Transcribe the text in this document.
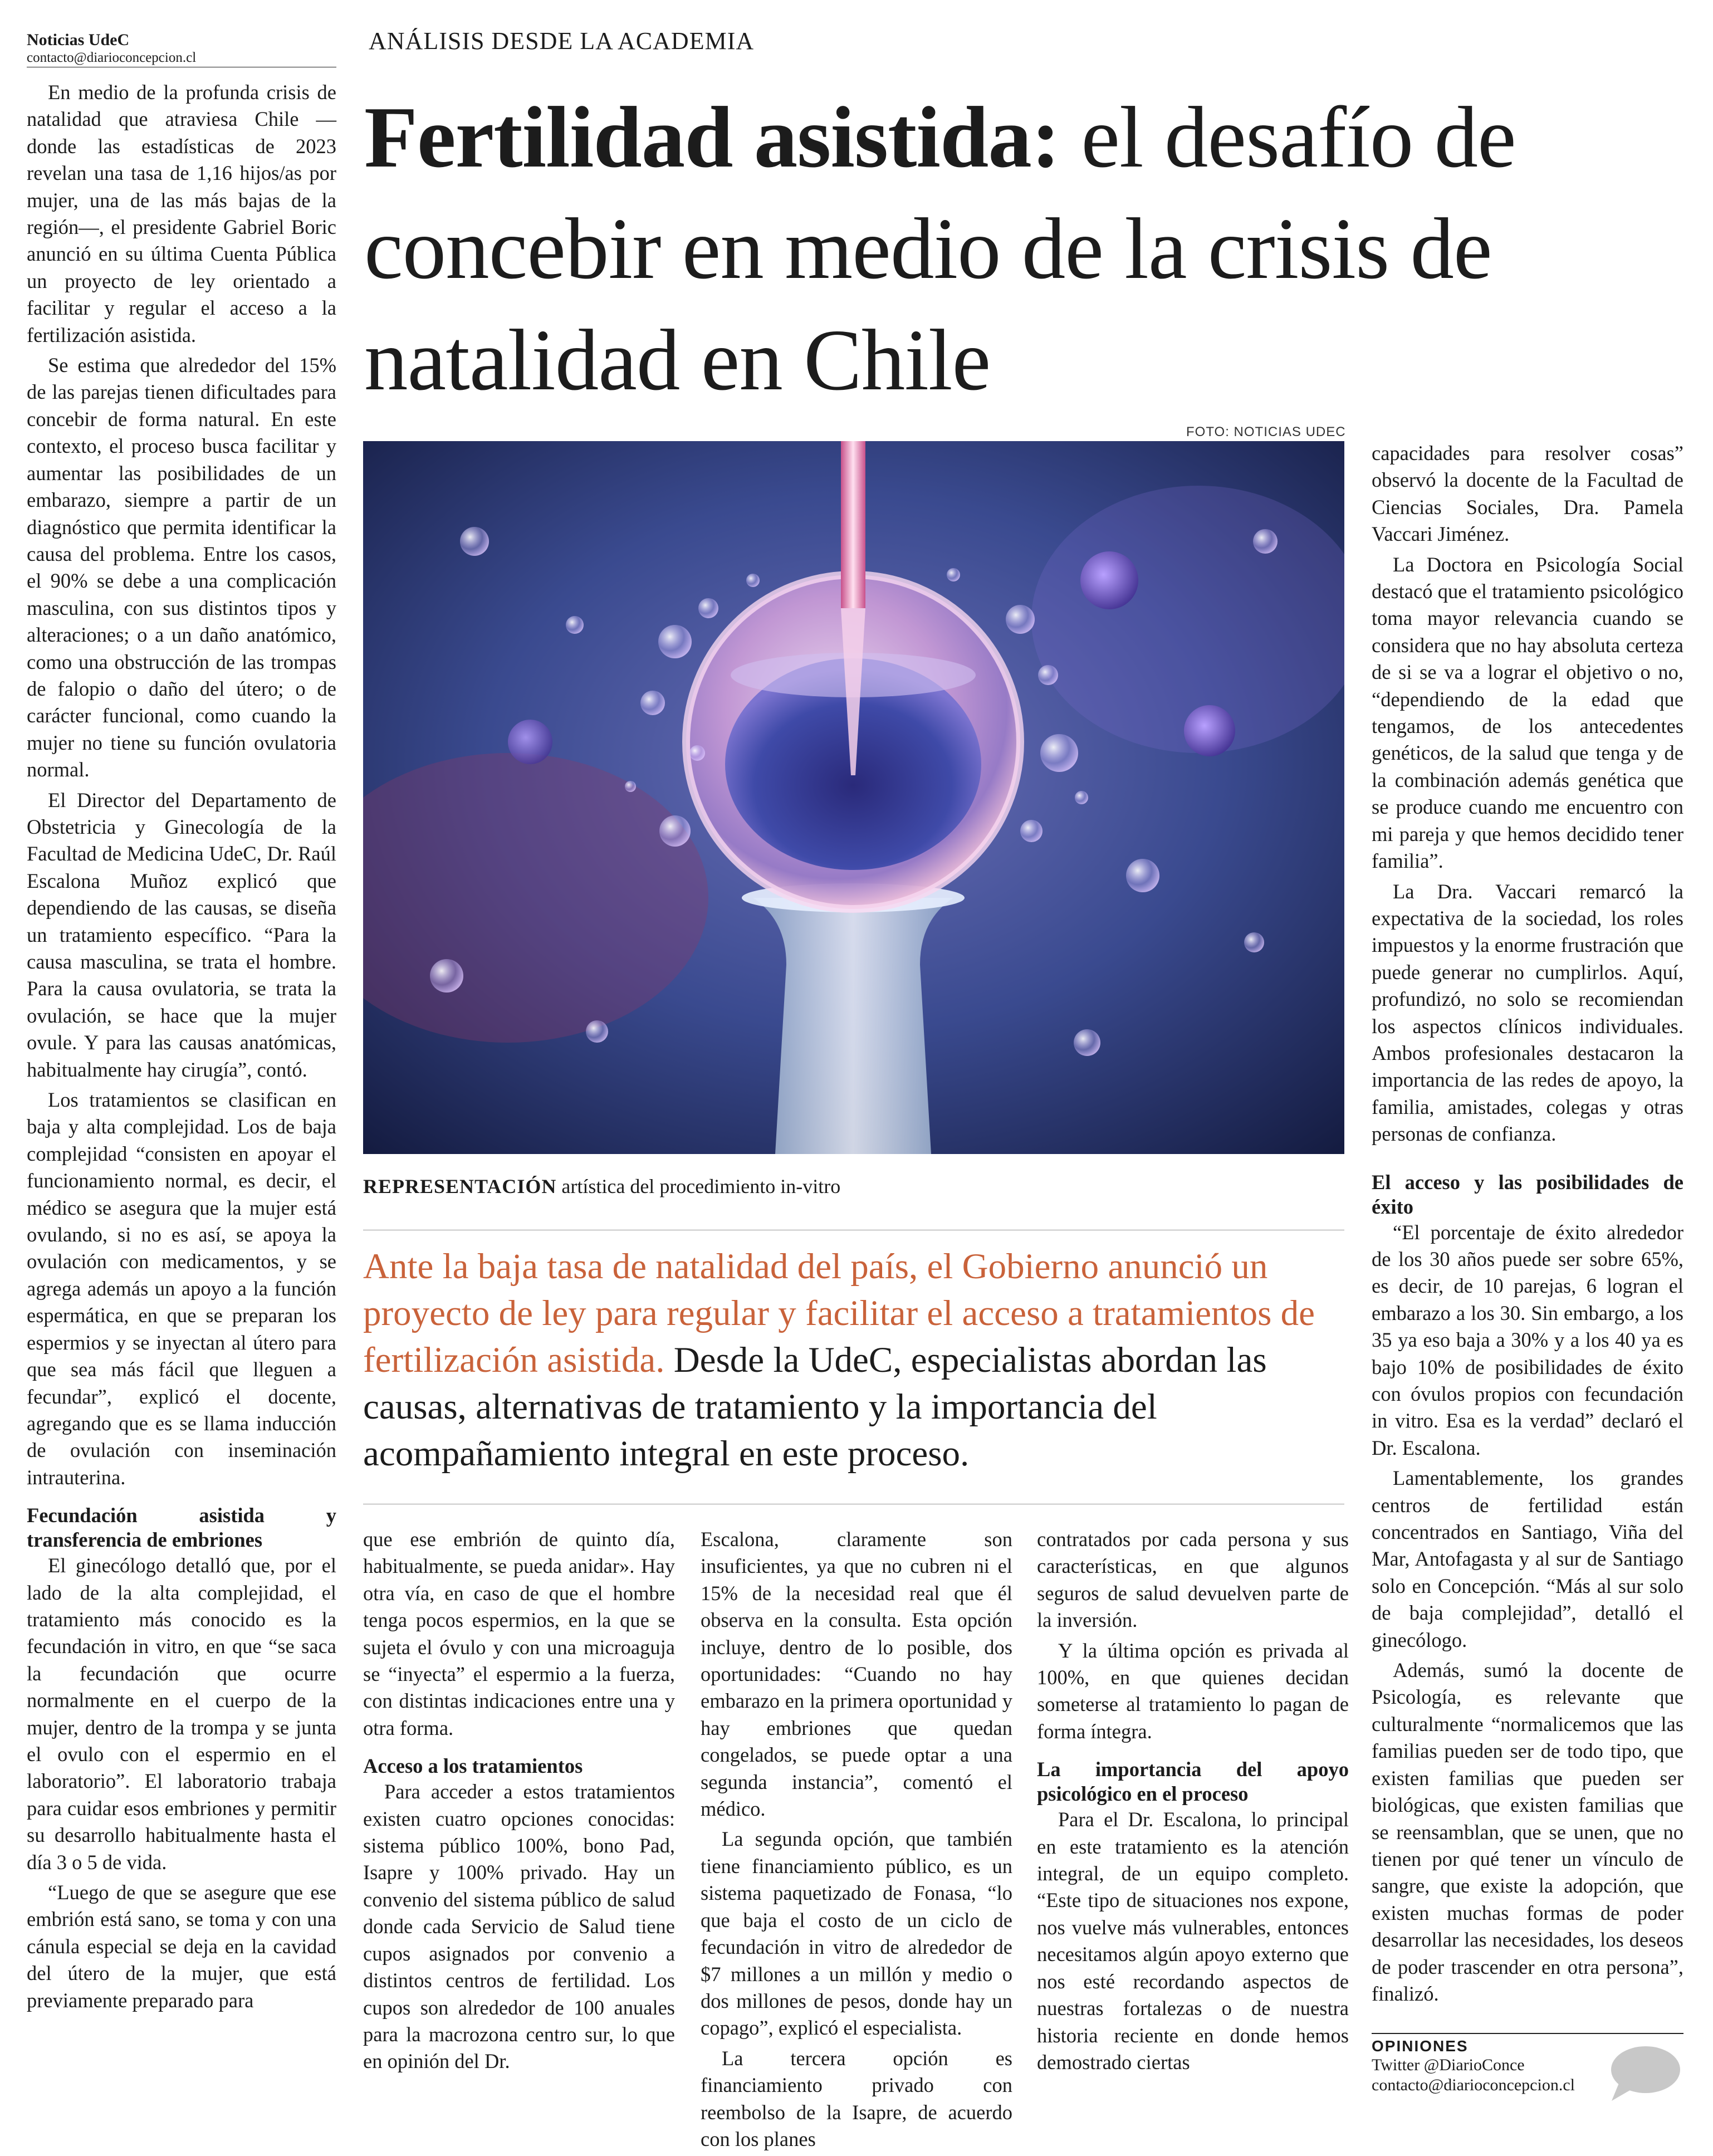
Noticias UdeC
contacto@diarioconcepcion.cl
ANÁLISIS DESDE LA ACADEMIA
Fertilidad asistida: el desafío de concebir en medio de la crisis de natalidad en Chile
FOTO: NOTICIAS UDEC
REPRESENTACIÓN artística del procedimiento in-vitro

Ante la baja tasa de natalidad del país, el Gobierno anunció un proyecto de ley para regular y facilitar el acceso a tratamientos de fertilización asistida. Desde la UdeC, especialistas abordan las causas, alternativas de tratamiento y la importancia del acompañamiento integral en este proceso.

En medio de la profunda crisis de natalidad que atraviesa Chile —donde las estadísticas de 2023 revelan una tasa de 1,16 hijos/as por mujer, una de las más bajas de la región—, el presidente Gabriel Boric anunció en su última Cuenta Pública un proyecto de ley orientado a facilitar y regular el acceso a la fertilización asistida.

Se estima que alrededor del 15% de las parejas tienen dificultades para concebir de forma natural. En este contexto, el proceso busca facilitar y aumentar las posibilidades de un embarazo, siempre a partir de un diagnóstico que permita identificar la causa del problema. Entre los casos, el 90% se debe a una complicación masculina, con sus distintos tipos y alteraciones; o a un daño anatómico, como una obstrucción de las trompas de falopio o daño del útero; o de carácter funcional, como cuando la mujer no tiene su función ovulatoria normal.

El Director del Departamento de Obstetricia y Ginecología de la Facultad de Medicina UdeC, Dr. Raúl Escalona Muñoz explicó que dependiendo de las causas, se diseña un tratamiento específico. “Para la causa masculina, se trata el hombre. Para la causa ovulatoria, se trata la ovulación, se hace que la mujer ovule. Y para las causas anatómicas, habitualmente hay cirugía”, contó.

Los tratamientos se clasifican en baja y alta complejidad. Los de baja complejidad “consisten en apoyar el funcionamiento normal, es decir, el médico se asegura que la mujer está ovulando, si no es así, se apoya la ovulación con medicamentos, y se agrega además un apoyo a la función espermática, en que se preparan los espermios y se inyectan al útero para que sea más fácil que lleguen a fecundar”, explicó el docente, agregando que es se llama inducción de ovulación con inseminación intrauterina.

Fecundación asistida y transferencia de embriones

El ginecólogo detalló que, por el lado de la alta complejidad, el tratamiento más conocido es la fecundación in vitro, en que “se saca la fecundación que ocurre normalmente en el cuerpo de la mujer, dentro de la trompa y se junta el ovulo con el espermio en el laboratorio”. El laboratorio trabaja para cuidar esos embriones y permitir su desarrollo habitualmente hasta el día 3 o 5 de vida.

“Luego de que se asegure que ese embrión está sano, se toma y con una cánula especial se deja en la cavidad del útero de la mujer, que está previamente preparado para

que ese embrión de quinto día, habitualmente, se pueda anidar». Hay otra vía, en caso de que el hombre tenga pocos espermios, en la que se sujeta el óvulo y con una microaguja se “inyecta” el espermio a la fuerza, con distintas indicaciones entre una y otra forma.

Acceso a los tratamientos

Para acceder a estos tratamientos existen cuatro opciones conocidas: sistema público 100%, bono Pad, Isapre y 100% privado. Hay un convenio del sistema público de salud donde cada Servicio de Salud tiene cupos asignados por convenio a distintos centros de fertilidad. Los cupos son alrededor de 100 anuales para la macrozona centro sur, lo que en opinión del Dr.

Escalona, claramente son insuficientes, ya que no cubren ni el 15% de la necesidad real que él observa en la consulta. Esta opción incluye, dentro de lo posible, dos oportunidades: “Cuando no hay embarazo en la primera oportunidad y hay embriones que quedan congelados, se puede optar a una segunda instancia”, comentó el médico.

La segunda opción, que también tiene financiamiento público, es un sistema paquetizado de Fonasa, “lo que baja el costo de un ciclo de fecundación in vitro de alrededor de $7 millones a un millón y medio o dos millones de pesos, donde hay un copago”, explicó el especialista.

La tercera opción es financiamiento privado con reembolso de la Isapre, de acuerdo con los planes

contratados por cada persona y sus características, en que algunos seguros de salud devuelven parte de la inversión.

Y la última opción es privada al 100%, en que quienes decidan someterse al tratamiento lo pagan de forma íntegra.

La importancia del apoyo psicológico en el proceso

Para el Dr. Escalona, lo principal en este tratamiento es la atención integral, de un equipo completo. “Este tipo de situaciones nos expone, nos vuelve más vulnerables, entonces necesitamos algún apoyo externo que nos esté recordando aspectos de nuestras fortalezas o de nuestra historia reciente en donde hemos demostrado ciertas

capacidades para resolver cosas” observó la docente de la Facultad de Ciencias Sociales, Dra. Pamela Vaccari Jiménez.

La Doctora en Psicología Social destacó que el tratamiento psicológico toma mayor relevancia cuando se considera que no hay absoluta certeza de si se va a lograr el objetivo o no, “dependiendo de la edad que tengamos, de los antecedentes genéticos, de la salud que tenga y de la combinación además genética que se produce cuando me encuentro con mi pareja y que hemos decidido tener familia”.

La Dra. Vaccari remarcó la expectativa de la sociedad, los roles impuestos y la enorme frustración que puede generar no cumplirlos. Aquí, profundizó, no solo se recomiendan los aspectos clínicos individuales. Ambos profesionales destacaron la importancia de las redes de apoyo, la familia, amistades, colegas y otras personas de confianza.

El acceso y las posibilidades de éxito

“El porcentaje de éxito alrededor de los 30 años puede ser sobre 65%, es decir, de 10 parejas, 6 logran el embarazo a los 30. Sin embargo, a los 35 ya eso baja a 30% y a los 40 ya es bajo 10% de posibilidades de éxito con óvulos propios con fecundación in vitro. Esa es la verdad” declaró el Dr. Escalona.

Lamentablemente, los grandes centros de fertilidad están concentrados en Santiago, Viña del Mar, Antofagasta y al sur de Santiago solo en Concepción. “Más al sur solo de baja complejidad”, detalló el ginecólogo.

Además, sumó la docente de Psicología, es relevante que culturalmente “normalicemos que las familias pueden ser de todo tipo, que existen familias que pueden ser biológicas, que existen familias que se reensamblan, que se unen, que no tienen por qué tener un vínculo de sangre, que existe la adopción, que existen muchas formas de poder desarrollar las necesidades, los deseos de poder trascender en otra persona”, finalizó.

OPINIONES
Twitter @DiarioConce
contacto@diarioconcepcion.cl
